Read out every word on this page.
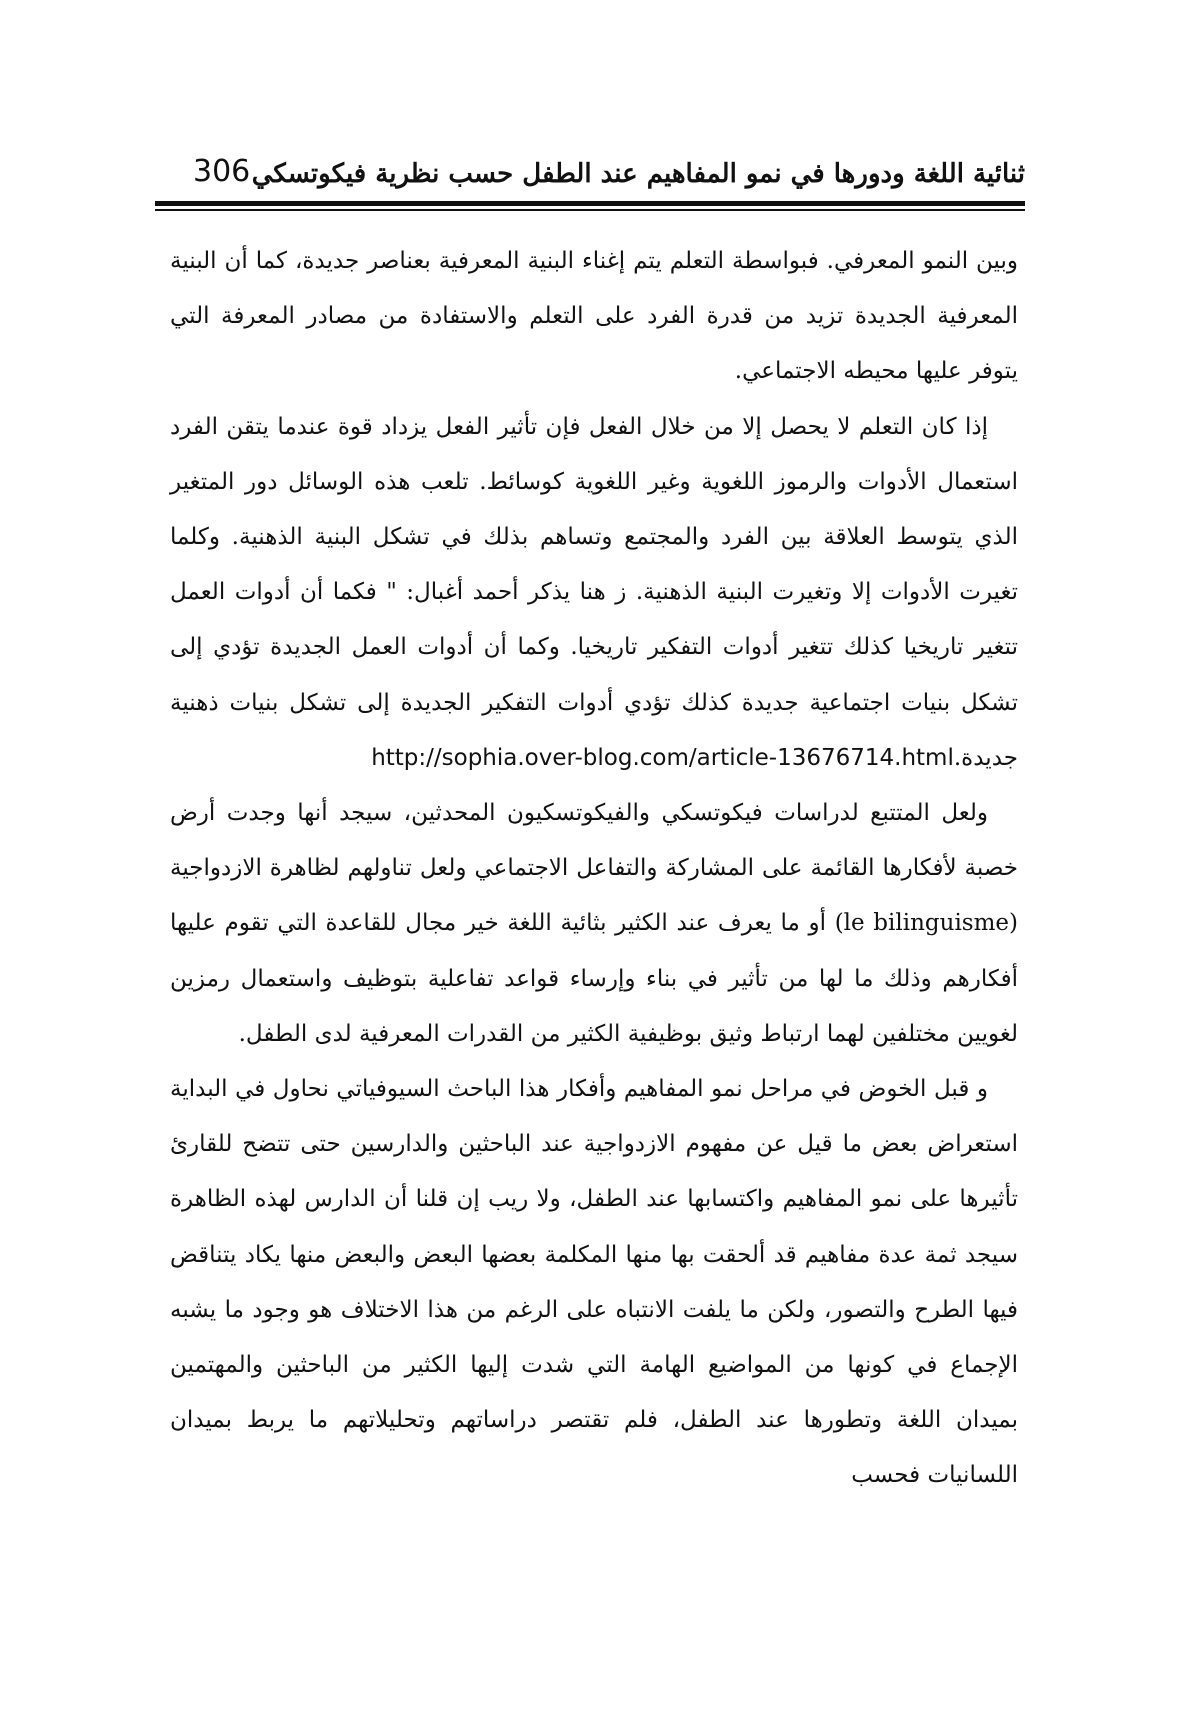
ثنائية اللغة ودورها في نمو المفاهيم عند الطفل حسب نظرية فيكوتسكي
306

وبين النمو المعرفي. فبواسطة التعلم يتم إغناء البنية المعرفية بعناصر جديدة، كما أن البنية المعرفية الجديدة تزيد من قدرة الفرد على التعلم والاستفادة من مصادر المعرفة التي يتوفر عليها محيطه الاجتماعي.

إذا كان التعلم لا يحصل إلا من خلال الفعل فإن تأثير الفعل يزداد قوة عندما يتقن الفرد استعمال الأدوات والرموز اللغوية وغير اللغوية كوسائط. تلعب هذه الوسائل دور المتغير الذي يتوسط العلاقة بين الفرد والمجتمع وتساهم بذلك في تشكل البنية الذهنية. وكلما تغيرت الأدوات إلا وتغيرت البنية الذهنية. ز هنا يذكر أحمد أغبال: " فكما أن أدوات العمل تتغير تاريخيا كذلك تتغير أدوات التفكير تاريخيا. وكما أن أدوات العمل الجديدة تؤدي إلى تشكل بنيات اجتماعية جديدة كذلك تؤدي أدوات التفكير الجديدة إلى تشكل بنيات ذهنية جديدة.http://sophia.over-blog.com/article-13676714.html

ولعل المتتبع لدراسات فيكوتسكي والفيكوتسكيون المحدثين، سيجد أنها وجدت أرض خصبة لأفكارها القائمة على المشاركة والتفاعل الاجتماعي ولعل تناولهم لظاهرة الازدواجية (le bilinguisme) أو ما يعرف عند الكثير بثائية اللغة خير مجال للقاعدة التي تقوم عليها أفكارهم وذلك ما لها من تأثير في بناء وإرساء قواعد تفاعلية بتوظيف واستعمال رمزين لغويين مختلفين لهما ارتباط وثيق بوظيفية الكثير من القدرات المعرفية لدى الطفل.

و قبل الخوض في مراحل نمو المفاهيم وأفكار هذا الباحث السيوفياتي نحاول في البداية استعراض بعض ما قيل عن مفهوم الازدواجية عند الباحثين والدارسين حتى تتضح للقارئ تأثيرها على نمو المفاهيم واكتسابها عند الطفل، ولا ريب إن قلنا أن الدارس لهذه الظاهرة سيجد ثمة عدة مفاهيم قد ألحقت بها منها المكلمة بعضها البعض والبعض منها يكاد يتناقض فيها الطرح والتصور، ولكن ما يلفت الانتباه على الرغم من هذا الاختلاف هو وجود ما يشبه الإجماع في كونها من المواضيع الهامة التي شدت إليها الكثير من الباحثين والمهتمين بميدان اللغة وتطورها عند الطفل، فلم تقتصر دراساتهم وتحليلاتهم ما يربط بميدان اللسانيات فحسب
